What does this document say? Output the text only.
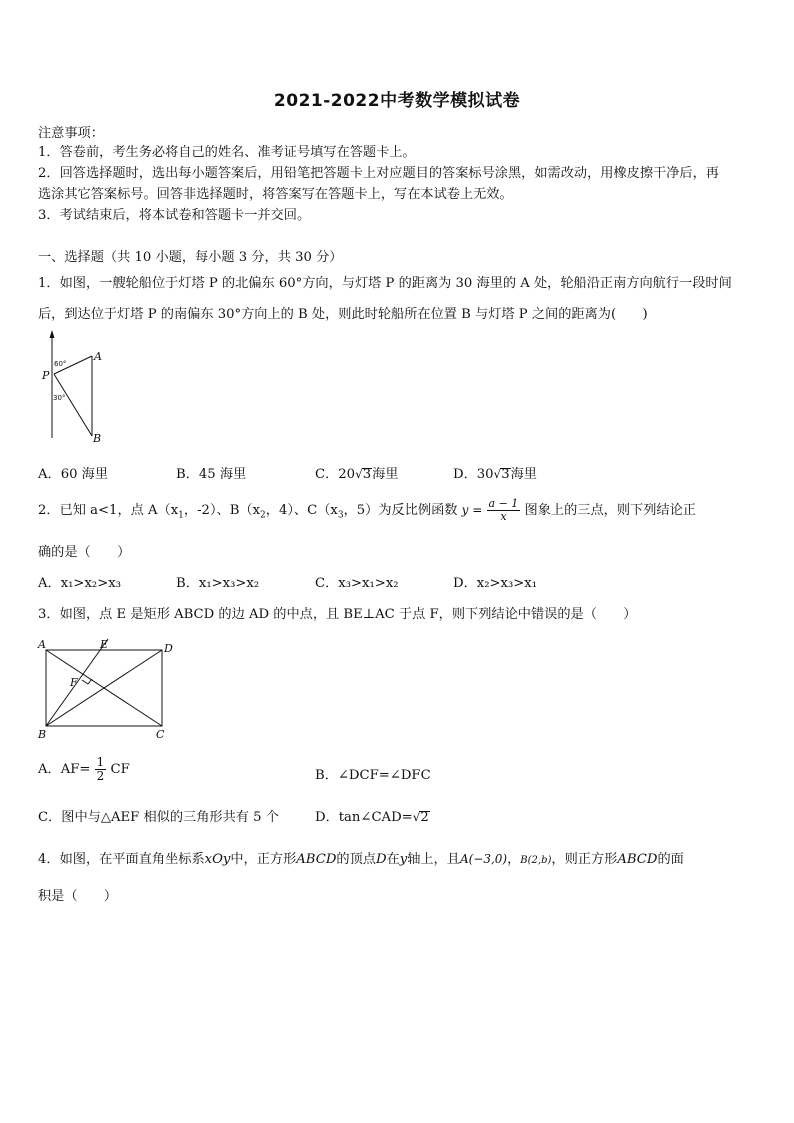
2021-2022中考数学模拟试卷
注意事项：
1．答卷前，考生务必将自己的姓名、准考证号填写在答题卡上。
2．回答选择题时，选出每小题答案后，用铅笔把答题卡上对应题目的答案标号涂黑，如需改动，用橡皮擦干净后，再
选涂其它答案标号。回答非选择题时，将答案写在答题卡上，写在本试卷上无效。
3．考试结束后，将本试卷和答题卡一并交回。
一、选择题（共 10 小题，每小题 3 分，共 30 分）
1．如图，一艘轮船位于灯塔 P 的北偏东 60°方向，与灯塔 P 的距离为 30 海里的 A 处，轮船沿正南方向航行一段时间
后，到达位于灯塔 P 的南偏东 30°方向上的 B 处，则此时轮船所在位置 B 与灯塔 P 之间的距离为(　　)
60°
30°
P
A
B
A．60 海里	B．45 海里	C．20√3海里	D．30√3海里
2．已知 a<1，点 $A(x_1$，-2）、$B(x_2$，4）、$C(x_3$，5）为反比例函数 $y = \frac{a - 1}{x}$ 图象上的三点，则下列结论正
确的是（　　）
A．x₁>x₂>x₃	B．x₁>x₃>x₂	C．x₃>x₁>x₂	D．x₂>x₃>x₁
3．如图，点 E 是矩形 ABCD 的边 AD 的中点，且 BE⊥AC 于点 F，则下列结论中错误的是（　　）
A	E	D
F
B	C
A．$AF= \frac{1}{2}$ CF	B．∠DCF=∠DFC
C．图中与△AEF 相似的三角形共有 5 个	D．tan∠CAD=√2
4．如图，在平面直角坐标系xOy中，正方形ABCD的顶点D在y轴上，且A(−3,0)，B(2,b)，则正方形ABCD的面
积是（　　）
